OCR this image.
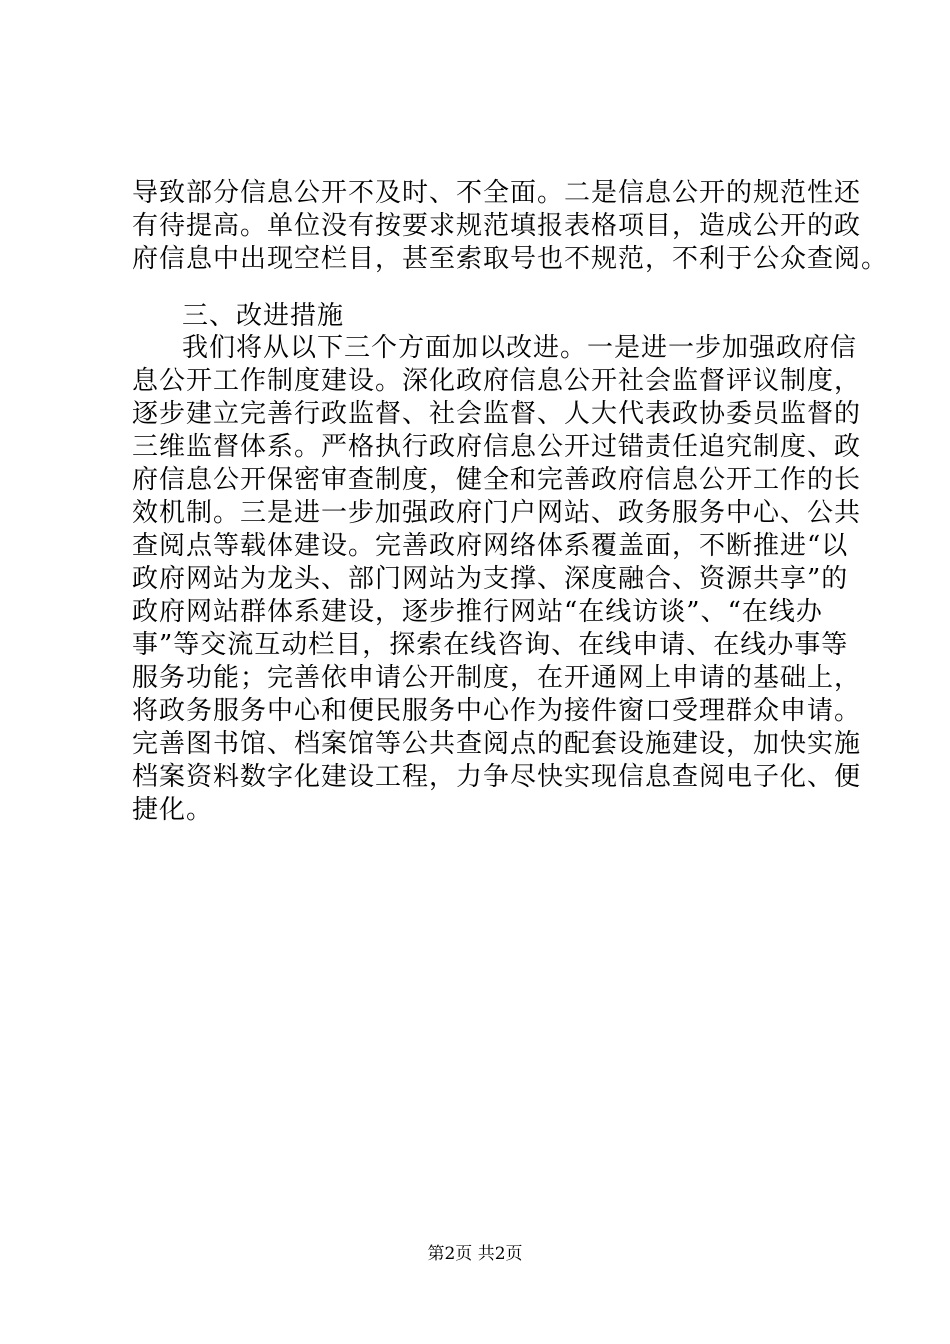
导致部分信息公开不及时、不全面。二是信息公开的规范性还
有待提高。单位没有按要求规范填报表格项目，造成公开的政
府信息中出现空栏目，甚至索取号也不规范，不利于公众查阅。
三、改进措施
我们将从以下三个方面加以改进。一是进一步加强政府信
息公开工作制度建设。深化政府信息公开社会监督评议制度，
逐步建立完善行政监督、社会监督、人大代表政协委员监督的
三维监督体系。严格执行政府信息公开过错责任追究制度、政
府信息公开保密审查制度，健全和完善政府信息公开工作的长
效机制。三是进一步加强政府门户网站、政务服务中心、公共
查阅点等载体建设。完善政府网络体系覆盖面，不断推进“以
政府网站为龙头、部门网站为支撑、深度融合、资源共享”的
政府网站群体系建设，逐步推行网站“在线访谈”、“在线办
事”等交流互动栏目，探索在线咨询、在线申请、在线办事等
服务功能；完善依申请公开制度，在开通网上申请的基础上，
将政务服务中心和便民服务中心作为接件窗口受理群众申请。
完善图书馆、档案馆等公共查阅点的配套设施建设，加快实施
档案资料数字化建设工程，力争尽快实现信息查阅电子化、便
捷化。
第2页 共2页
